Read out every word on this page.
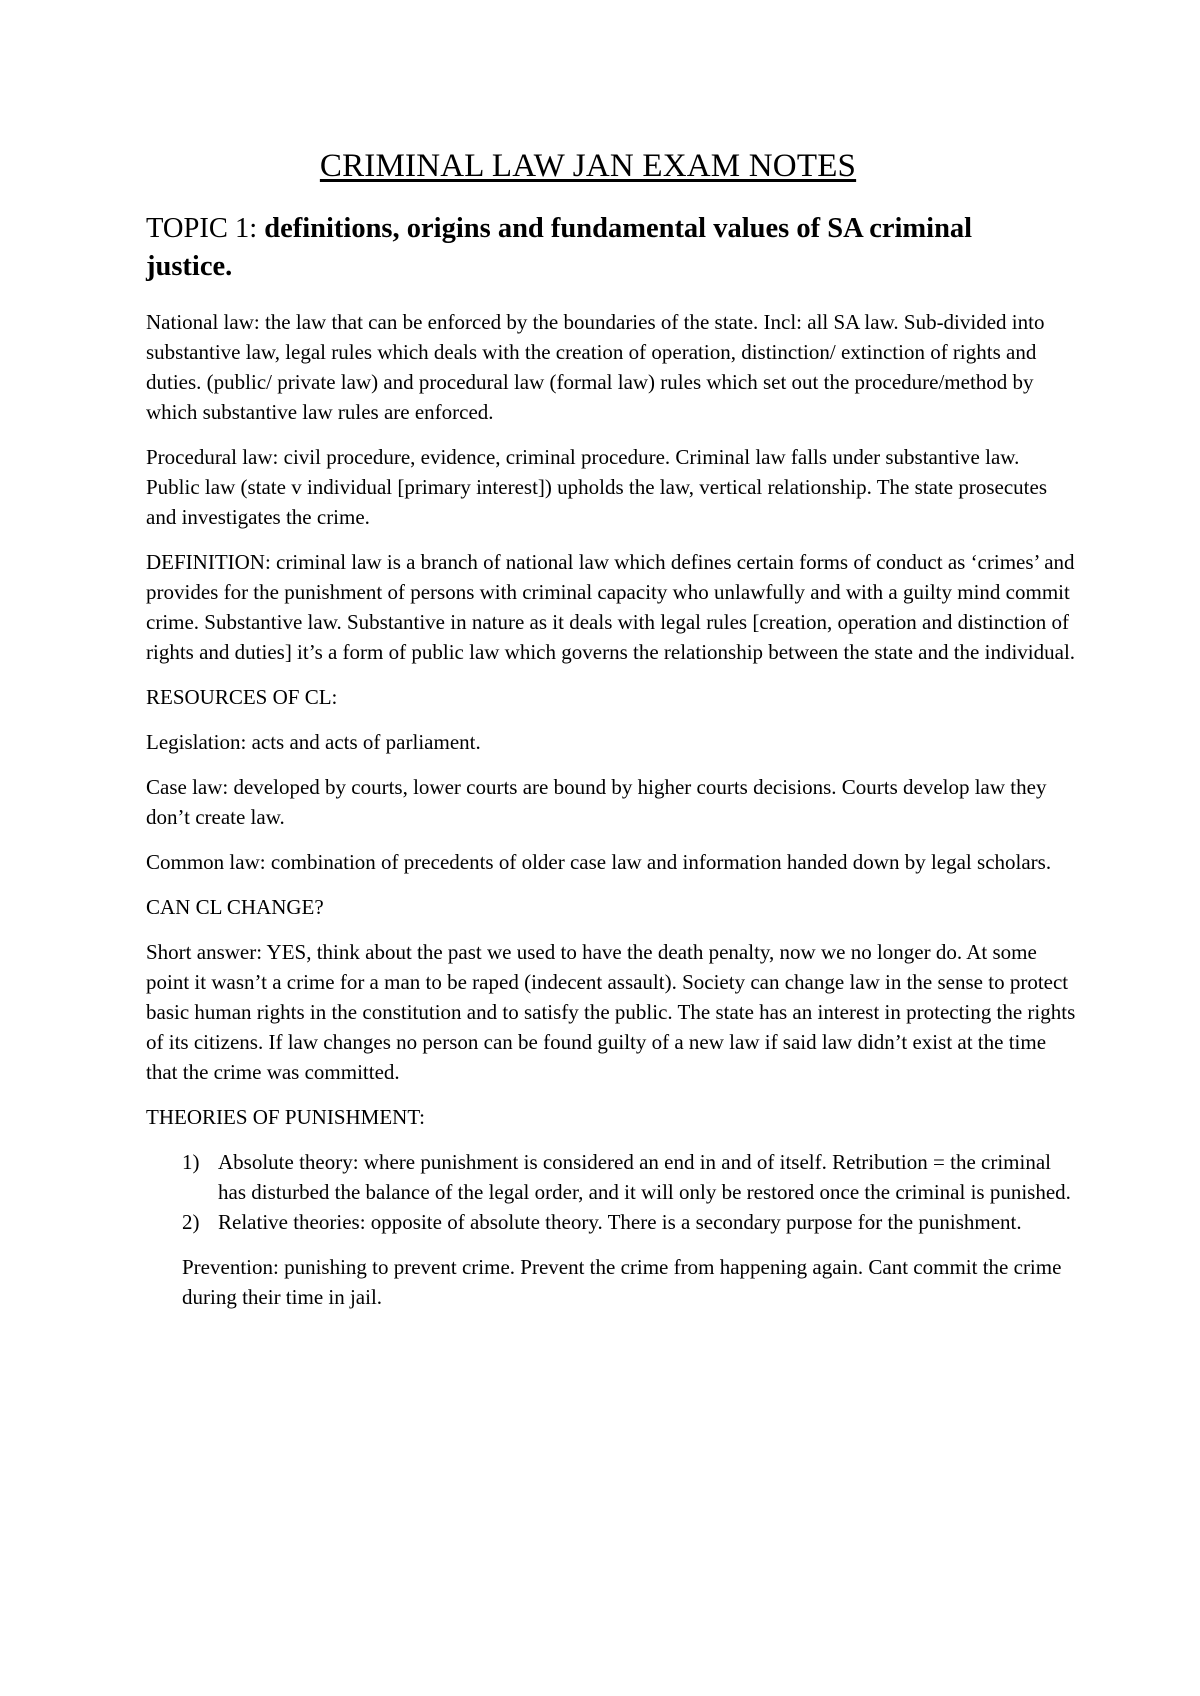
CRIMINAL LAW JAN EXAM NOTES
TOPIC 1: definitions, origins and fundamental values of SA criminal justice.

National law: the law that can be enforced by the boundaries of the state. Incl: all SA law. Sub-divided into substantive law, legal rules which deals with the creation of operation, distinction/ extinction of rights and duties. (public/ private law) and procedural law (formal law) rules which set out the procedure/method by which substantive law rules are enforced.

Procedural law: civil procedure, evidence, criminal procedure. Criminal law falls under substantive law. Public law (state v individual [primary interest]) upholds the law, vertical relationship. The state prosecutes and investigates the crime.

DEFINITION: criminal law is a branch of national law which defines certain forms of conduct as ‘crimes’ and provides for the punishment of persons with criminal capacity who unlawfully and with a guilty mind commit crime. Substantive law. Substantive in nature as it deals with legal rules [creation, operation and distinction of rights and duties] it’s a form of public law which governs the relationship between the state and the individual.

RESOURCES OF CL:

Legislation: acts and acts of parliament.

Case law: developed by courts, lower courts are bound by higher courts decisions. Courts develop law they don’t create law.

Common law: combination of precedents of older case law and information handed down by legal scholars.

CAN CL CHANGE?

Short answer: YES, think about the past we used to have the death penalty, now we no longer do. At some point it wasn’t a crime for a man to be raped (indecent assault). Society can change law in the sense to protect basic human rights in the constitution and to satisfy the public. The state has an interest in protecting the rights of its citizens. If law changes no person can be found guilty of a new law if said law didn’t exist at the time that the crime was committed.

THEORIES OF PUNISHMENT:

1) Absolute theory: where punishment is considered an end in and of itself. Retribution = the criminal has disturbed the balance of the legal order, and it will only be restored once the criminal is punished.
2) Relative theories: opposite of absolute theory. There is a secondary purpose for the punishment.

Prevention: punishing to prevent crime. Prevent the crime from happening again. Cant commit the crime during their time in jail.
